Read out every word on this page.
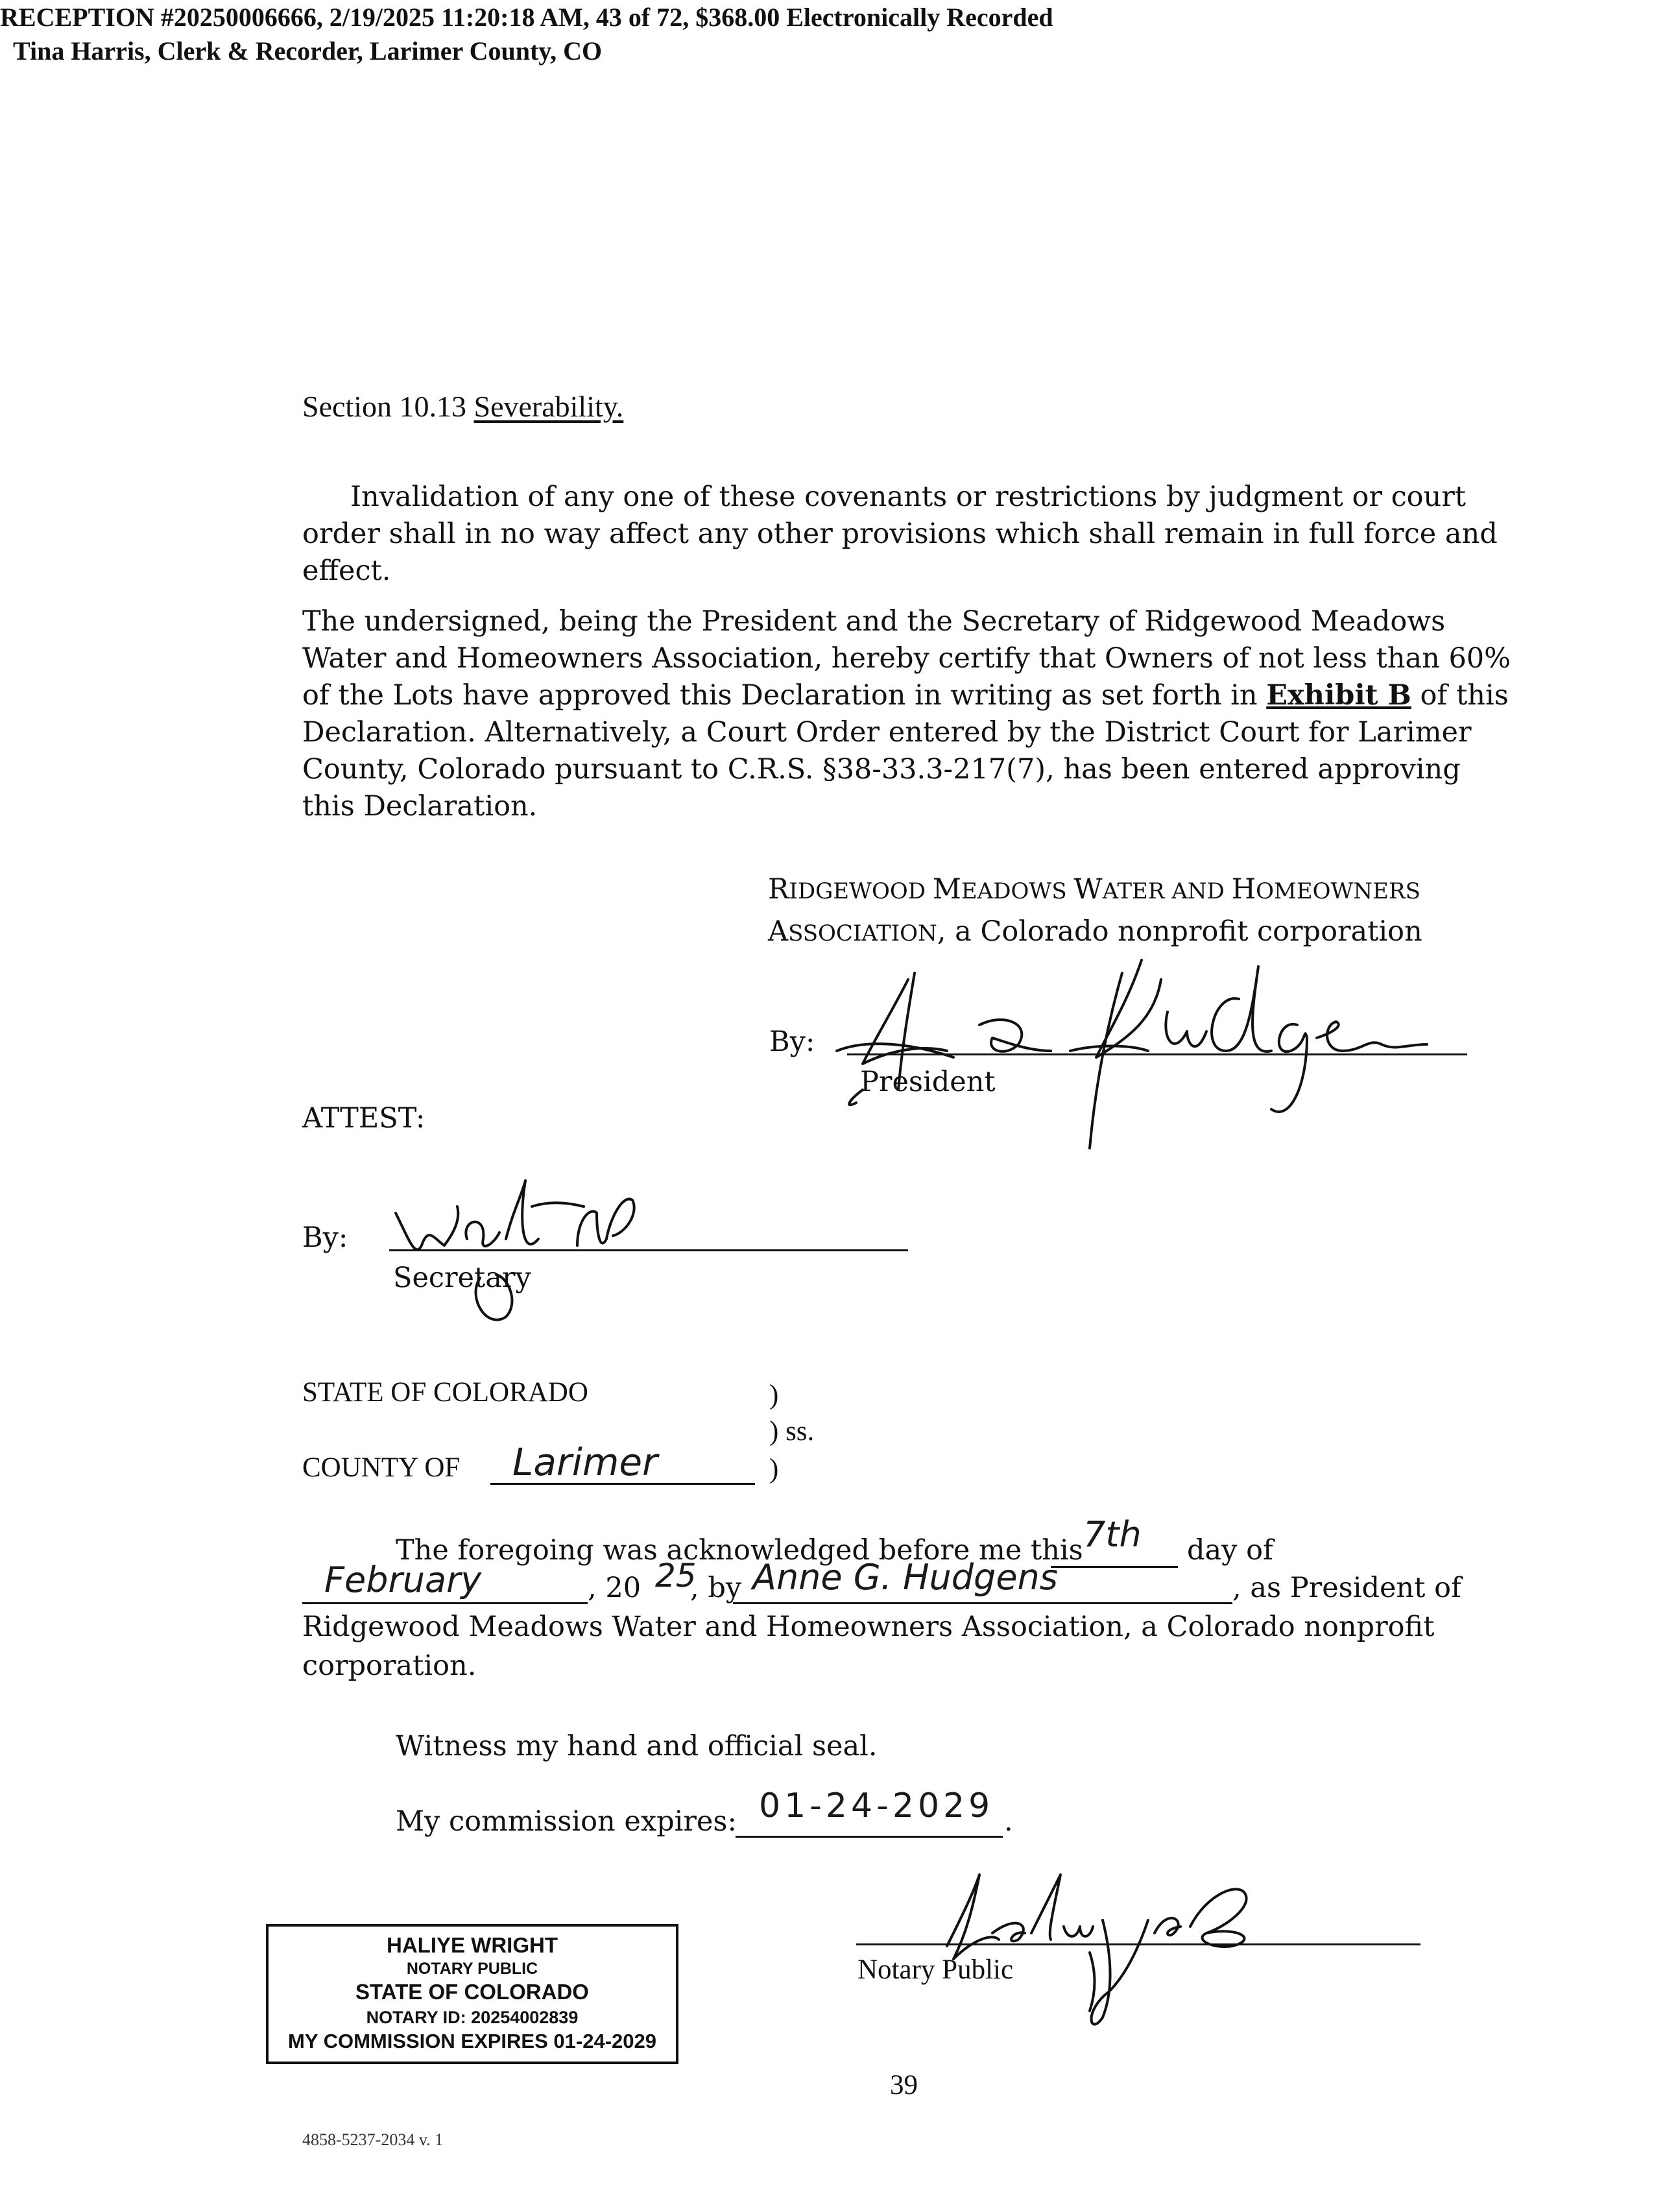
RECEPTION #20250006666, 2/19/2025 11:20:18 AM, 43 of 72, $368.00 Electronically Recorded
Tina Harris, Clerk & Recorder, Larimer County, CO
Section 10.13 Severability.
Invalidation of any one of these covenants or restrictions by judgment or court order shall in no way affect any other provisions which shall remain in full force and effect.
The undersigned, being the President and the Secretary of Ridgewood Meadows Water and Homeowners Association, hereby certify that Owners of not less than 60% of the Lots have approved this Declaration in writing as set forth in Exhibit B of this Declaration. Alternatively, a Court Order entered by the District Court for Larimer County, Colorado pursuant to C.R.S. §38-33.3-217(7), has been entered approving this Declaration.
RIDGEWOOD MEADOWS WATER AND HOMEOWNERS
ASSOCIATION, a Colorado nonprofit corporation
By:
President
ATTEST:
By:
Secretary
STATE OF COLORADO	)
) ss.
COUNTY OF Larimer	)
The foregoing was acknowledged before me this 7th day of
February	, 20 25
, by Anne G. Hudgens	, as President of
Ridgewood Meadows Water and Homeowners Association, a Colorado nonprofit
corporation.
Witness my hand and official seal.
My commission expires: 01-24-2029 .
HALIYE WRIGHT
NOTARY PUBLIC
STATE OF COLORADO
NOTARY ID: 20254002839
MY COMMISSION EXPIRES 01-24-2029
Notary Public
39
4858-5237-2034 v. 1
